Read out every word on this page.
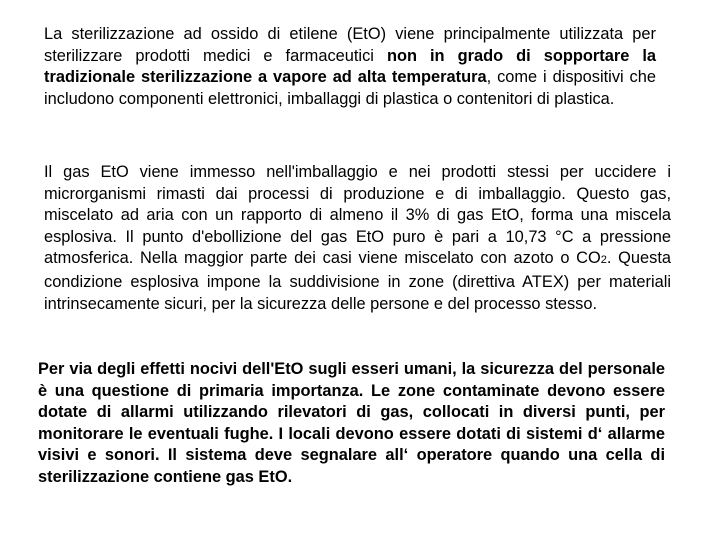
La sterilizzazione ad ossido di etilene (EtO) viene principalmente utilizzata per sterilizzare prodotti medici e farmaceutici non in grado di sopportare la tradizionale sterilizzazione a vapore ad alta temperatura, come i dispositivi che includono componenti elettronici, imballaggi di plastica o contenitori di plastica.

Il gas EtO viene immesso nell'imballaggio e nei prodotti stessi per uccidere i microrganismi rimasti dai processi di produzione e di imballaggio. Questo gas, miscelato ad aria con un rapporto di almeno il 3% di gas EtO, forma una miscela esplosiva. Il punto d'ebollizione del gas EtO puro è pari a 10,73 °C a pressione atmosferica. Nella maggior parte dei casi viene miscelato con azoto o CO2. Questa condizione esplosiva impone la suddivisione in zone (direttiva ATEX) per materiali intrinsecamente sicuri, per la sicurezza delle persone e del processo stesso.

Per via degli effetti nocivi dell'EtO sugli esseri umani, la sicurezza del personale è una questione di primaria importanza. Le zone contaminate devono essere dotate di allarmi utilizzando rilevatori di gas, collocati in diversi punti, per monitorare le eventuali fughe. I locali devono essere dotati di sistemi d‘ allarme visivi e sonori. Il sistema deve segnalare all‘ operatore quando una cella di sterilizzazione contiene gas EtO.
